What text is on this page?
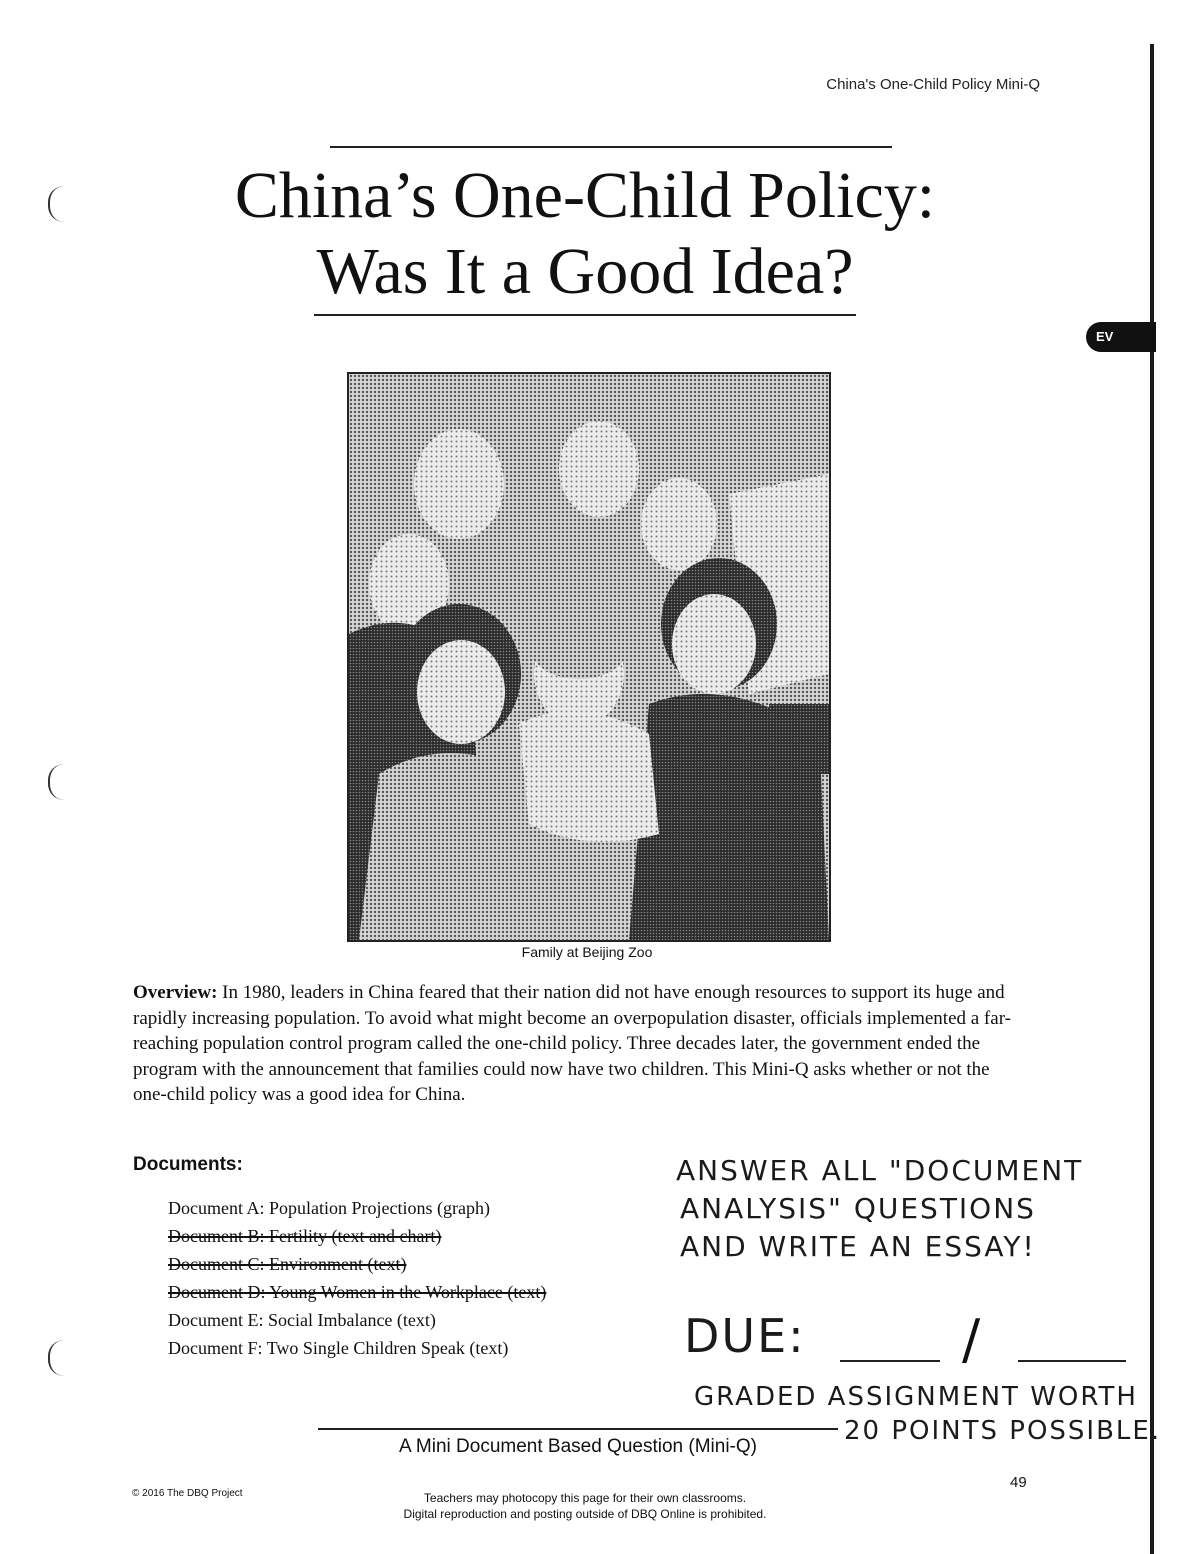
EV
China's One-Child Policy Mini-Q
China’s One-Child Policy:
Was It a Good Idea?
Family at Beijing Zoo
Overview: In 1980, leaders in China feared that their nation did not have enough resources to support its huge and rapidly increasing population. To avoid what might become an overpopulation disaster, officials implemented a far-reaching population control program called the one-child policy. Three decades later, the government ended the program with the announcement that families could now have two children. This Mini-Q asks whether or not the one-child policy was a good idea for China.
Documents:
Document A: Population Projections (graph)
Document B: Fertility (text and chart)
Document C: Environment (text)
Document D: Young Women in the Workplace (text)
Document E: Social Imbalance (text)
Document F: Two Single Children Speak (text)
ANSWER ALL "DOCUMENT
ANALYSIS" QUESTIONS
AND WRITE AN ESSAY!
DUE:	/
GRADED ASSIGNMENT WORTH
20 POINTS POSSIBLE.
A Mini Document Based Question (Mini-Q)
49
© 2016 The DBQ Project	Teachers may photocopy this page for their own classrooms.
Digital reproduction and posting outside of DBQ Online is prohibited.
